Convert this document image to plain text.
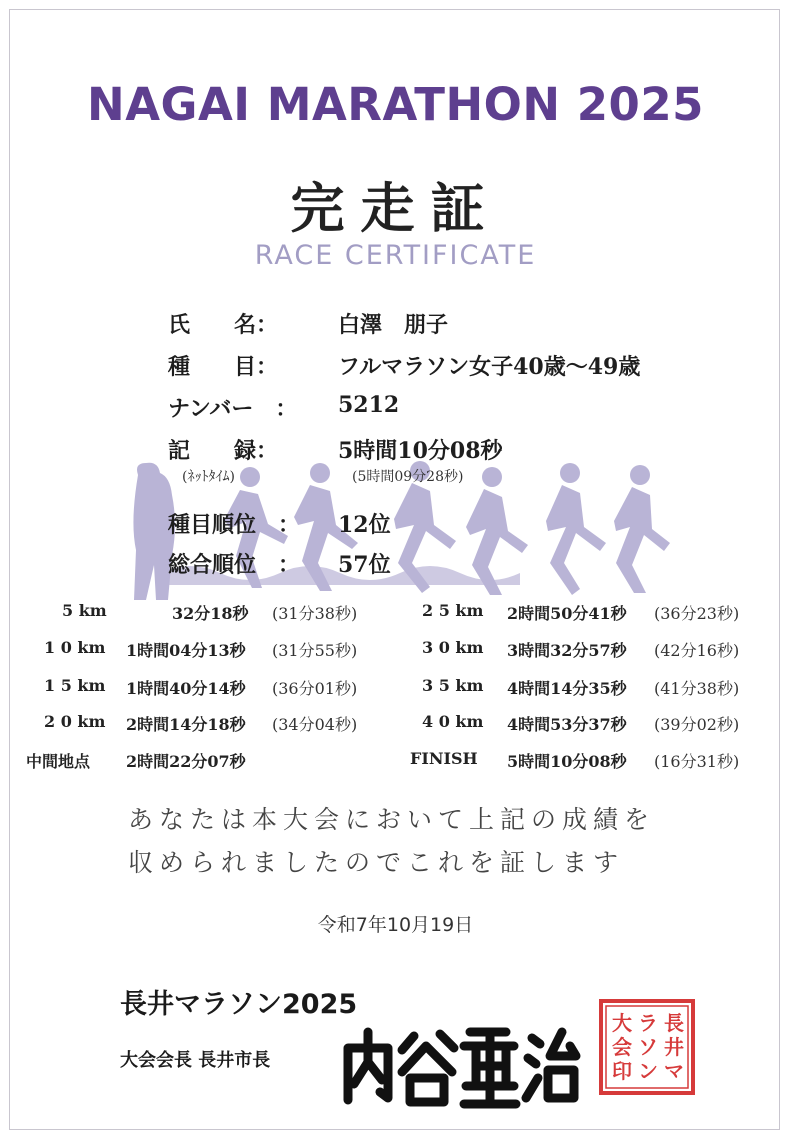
NAGAI MARATHON 2025
完走証
RACE CERTIFICATE
氏　　名：	白澤　朋子
種　　目：	フルマラソン女子40歳～49歳
ナンバー　： 5212
記　　録：	5時間10分08秒
(ﾈｯﾄﾀｲﾑ)	(5時間09分28秒)
種目順位　： 12位
総合順位　： 57位
5 km	32分18秒 (31分38秒)
1 0 km 1時間04分13秒 (31分55秒)
1 5 km 1時間40分14秒 (36分01秒)
2 0 km 2時間14分18秒 (34分04秒)
中間地点 2時間22分07秒
2 5 km 2時間50分41秒 (36分23秒)
3 0 km 3時間32分57秒 (42分16秒)
3 5 km 4時間14分35秒 (41分38秒)
4 0 km 4時間53分37秒 (39分02秒)
FINISH 5時間10分08秒 (16分31秒)
あなたは本大会において上記の成績を
収められましたのでこれを証します
令和7年10月19日
長井マラソン2025
大会会長 長井市長
長
井
マ
ラ
ソ
ン
大
会
印
